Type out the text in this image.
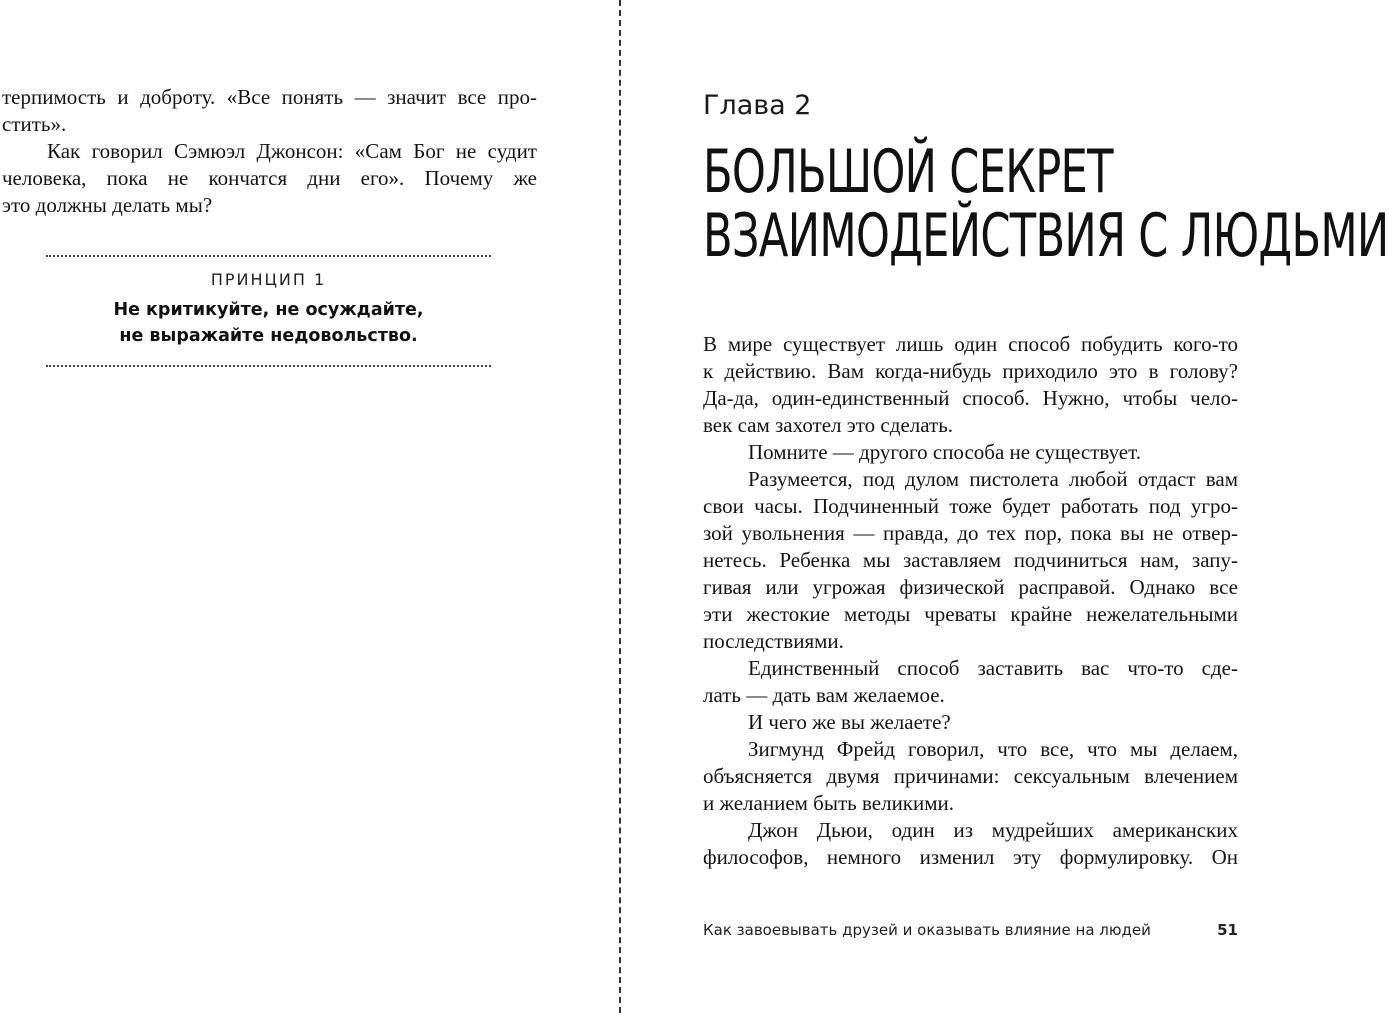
терпимость и доброту. «Все понять — значит все про-
стить».

Как говорил Сэмюэл Джонсон: «Сам Бог не судит
человека, пока не кончатся дни его». Почему же
это должны делать мы?

ПРИНЦИП 1
Не критикуйте, не осуждайте,
не выражайте недовольство.
Глава 2
БОЛЬШОЙ СЕКРЕТ
ВЗАИМОДЕЙСТВИЯ С ЛЮДЬМИ

В мире существует лишь один способ побудить кого-то
к действию. Вам когда-нибудь приходило это в голову?
Да-да, один-единственный способ. Нужно, чтобы чело-
век сам захотел это сделать.

Помните — другого способа не существует.

Разумеется, под дулом пистолета любой отдаст вам
свои часы. Подчиненный тоже будет работать под угро-
зой увольнения — правда, до тех пор, пока вы не отвер-
нетесь. Ребенка мы заставляем подчиниться нам, запу-
гивая или угрожая физической расправой. Однако все
эти жестокие методы чреваты крайне нежелательными
последствиями.

Единственный способ заставить вас что-то сде-
лать — дать вам желаемое.

И чего же вы желаете?

Зигмунд Фрейд говорил, что все, что мы делаем,
объясняется двумя причинами: сексуальным влечением
и желанием быть великими.

Джон Дьюи, один из мудрейших американских
философов, немного изменил эту формулировку. Он

Как завоевывать друзей и оказывать влияние на людей	51
